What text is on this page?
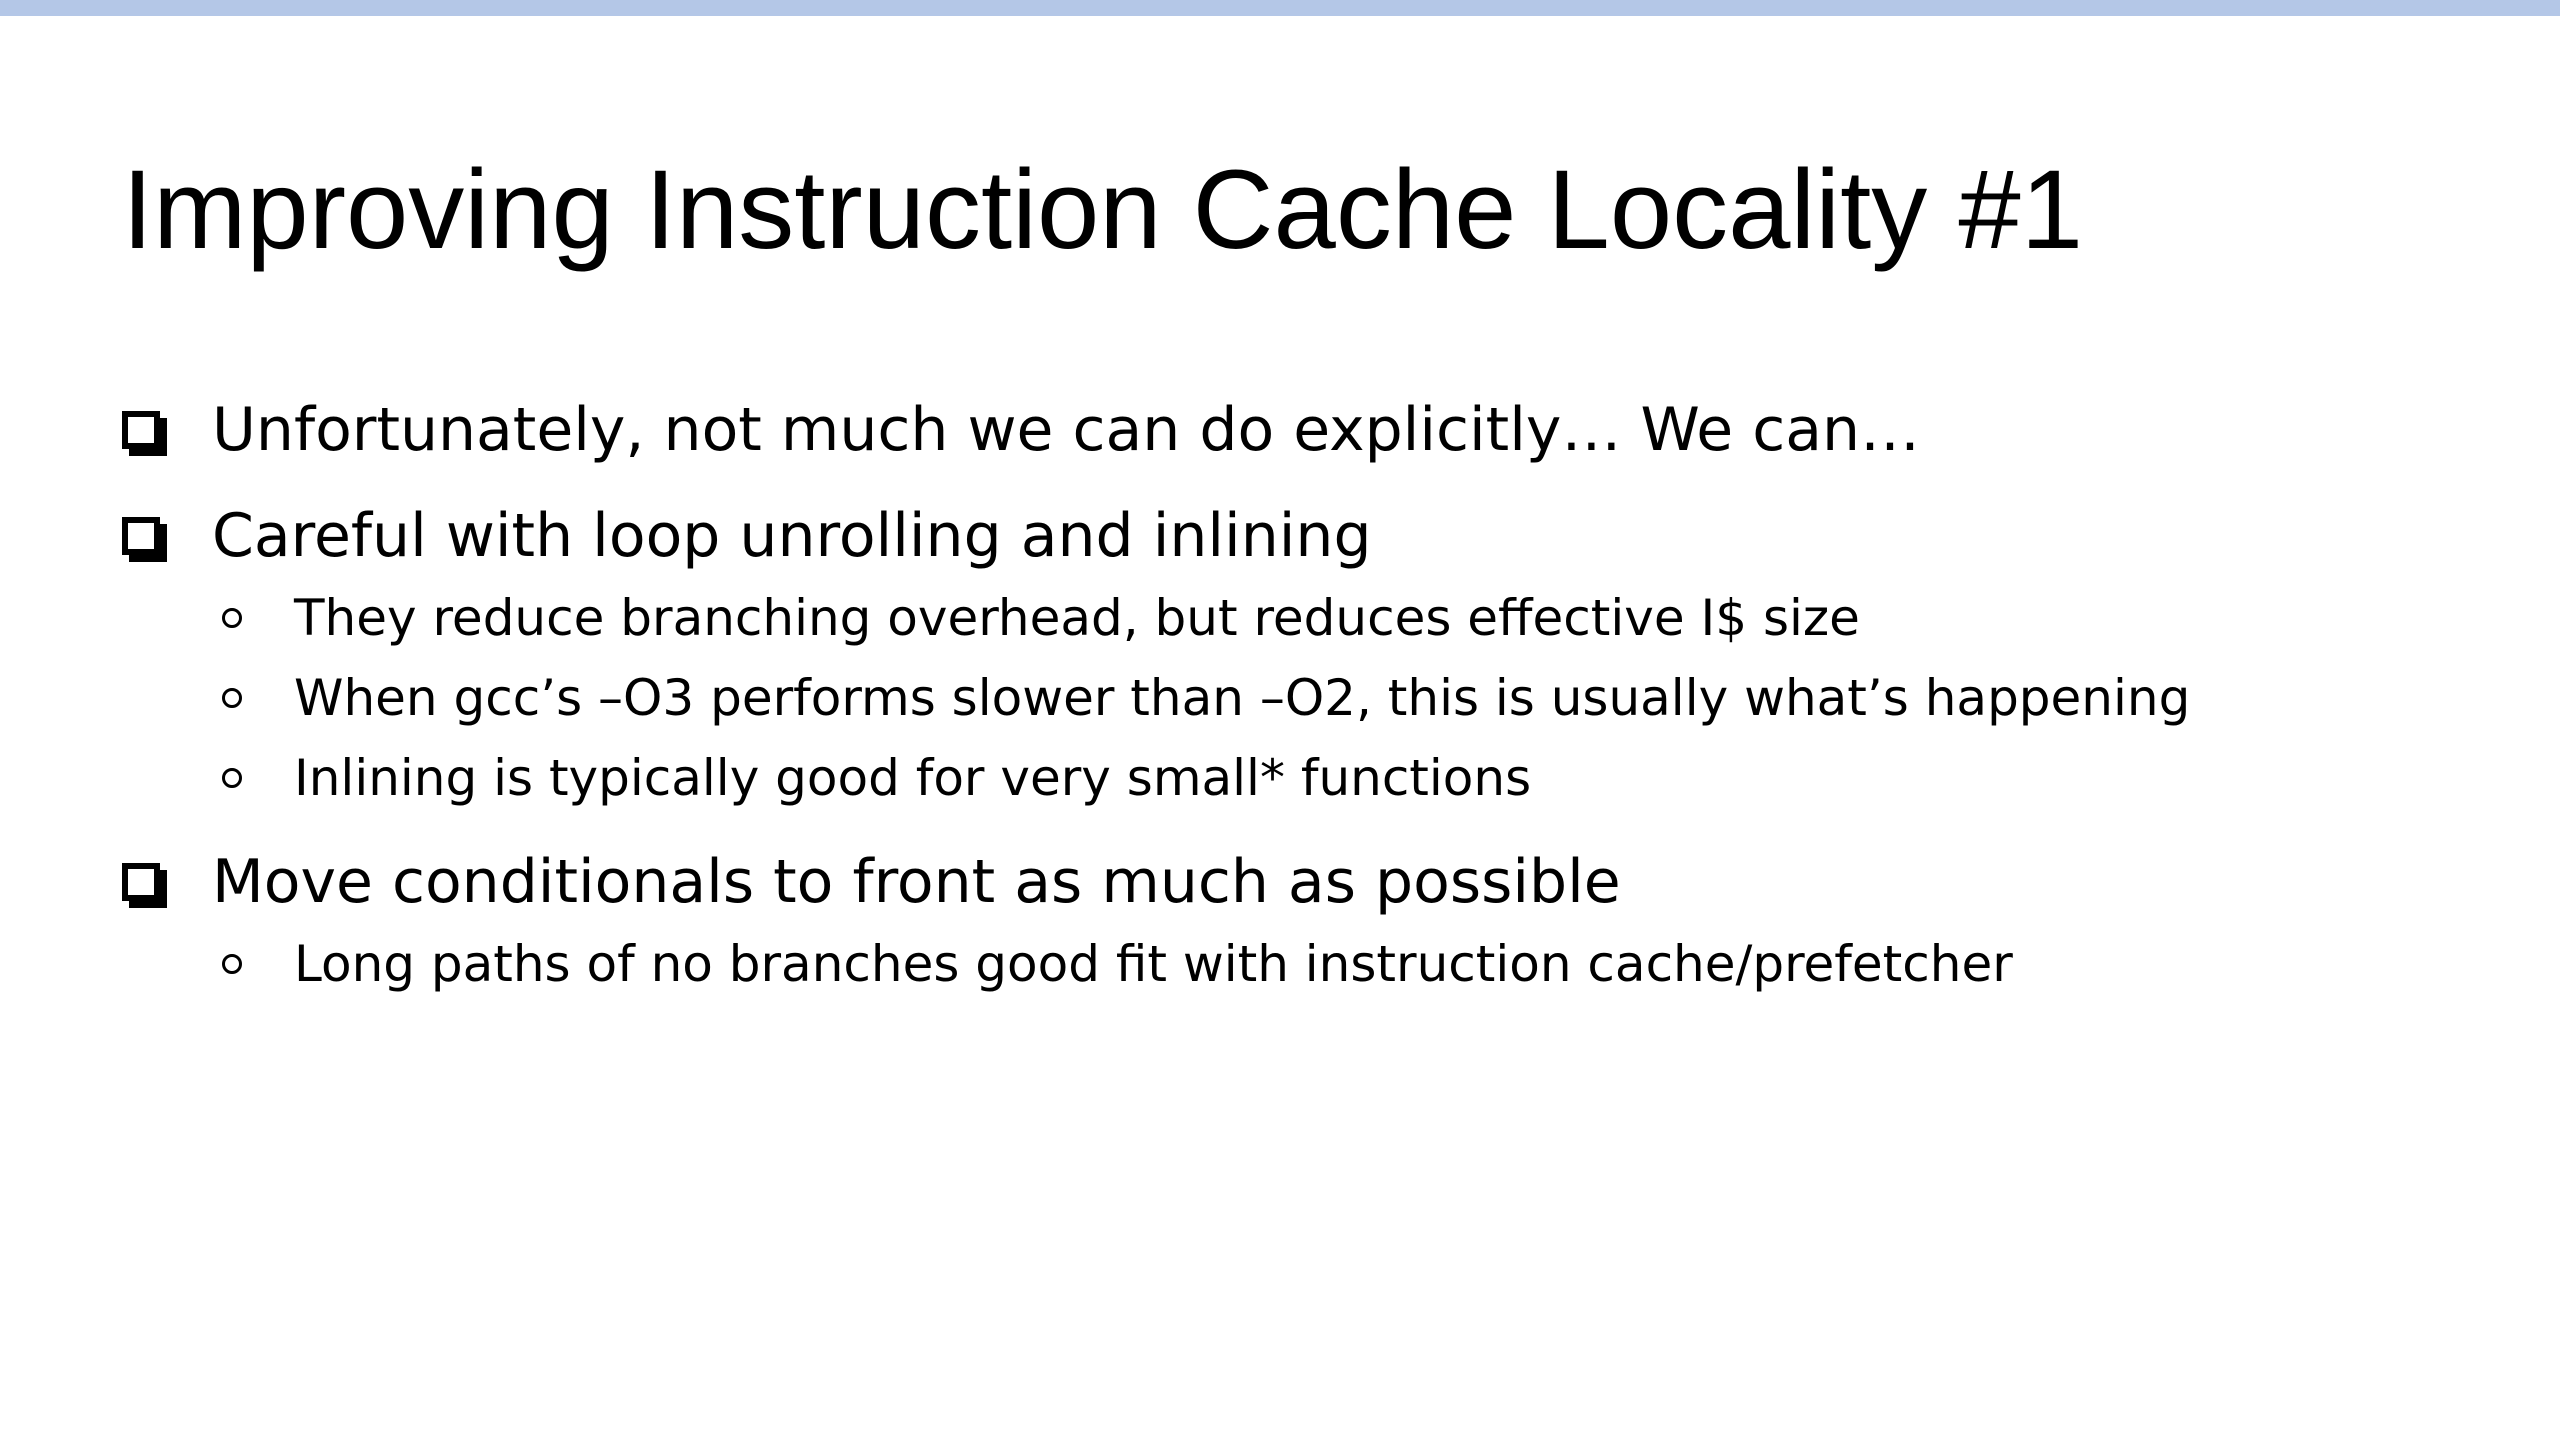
Improving Instruction Cache Locality #1
Unfortunately, not much we can do explicitly… We can…
Careful with loop unrolling and inlining
They reduce branching overhead, but reduces effective I$ size
When gcc’s –O3 performs slower than –O2, this is usually what’s happening
Inlining is typically good for very small* functions
Move conditionals to front as much as possible
Long paths of no branches good fit with instruction cache/prefetcher
